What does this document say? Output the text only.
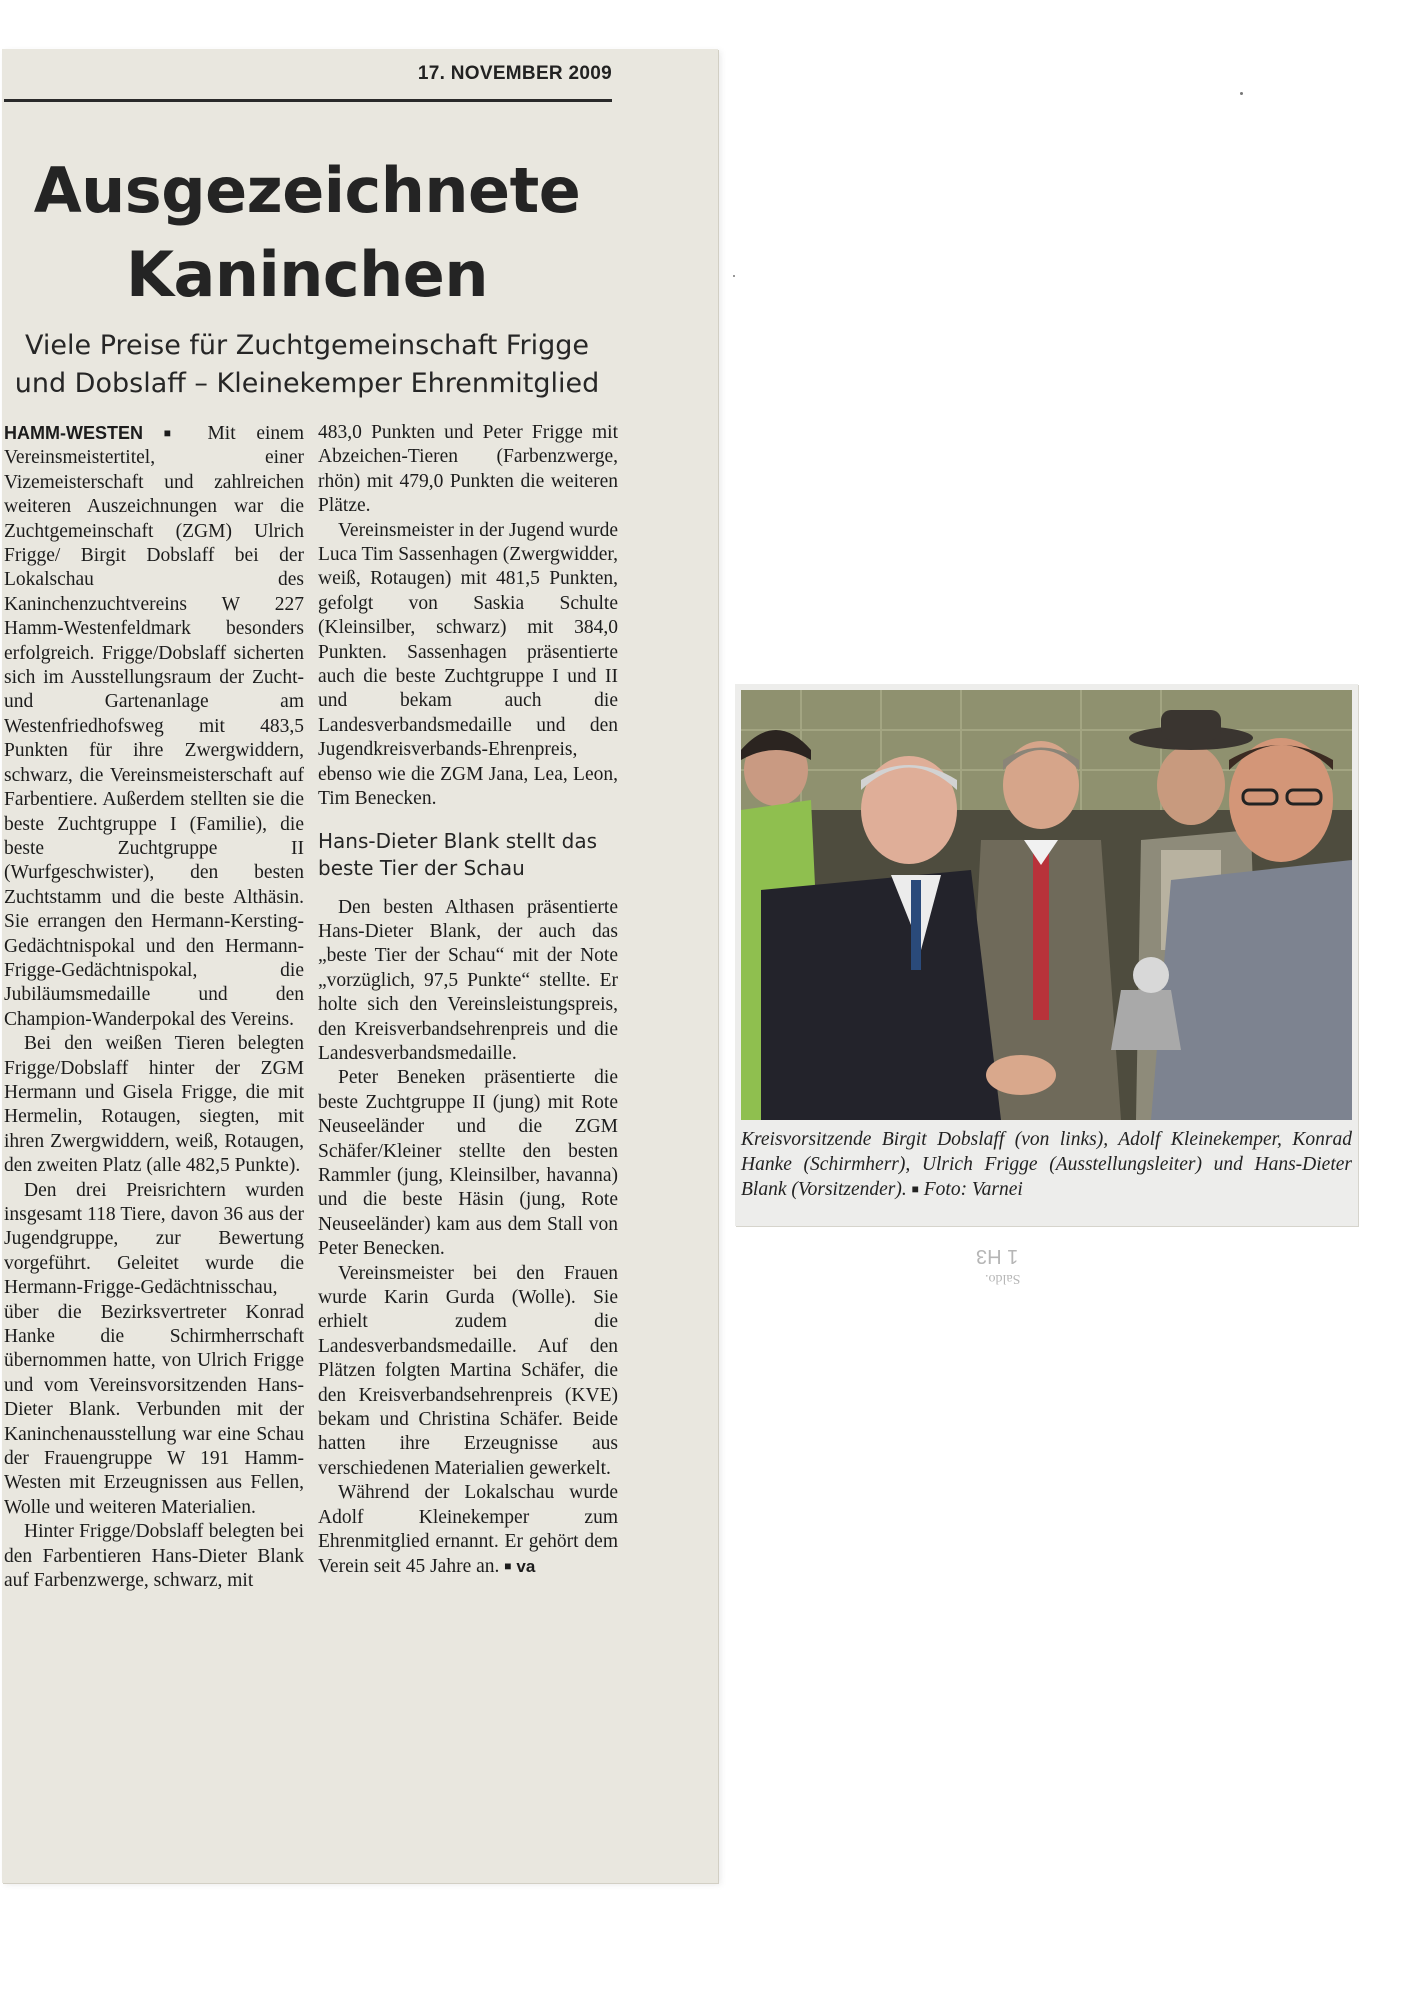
17. NOVEMBER 2009
Ausgezeichnete Kaninchen
Viele Preise für Zuchtgemeinschaft Frigge und Dobslaff – Kleinekemper Ehrenmitglied

HAMM-WESTEN ■ Mit einem Vereinsmeistertitel, einer Vizemeisterschaft und zahlreichen weiteren Auszeichnungen war die Zuchtgemeinschaft (ZGM) Ulrich Frigge/ Birgit Dobslaff bei der Lokalschau des Kaninchenzuchtvereins W 227 Hamm-Westenfeldmark besonders erfolgreich. Frigge/Dobslaff sicherten sich im Ausstellungsraum der Zucht- und Gartenanlage am Westenfriedhofsweg mit 483,5 Punkten für ihre Zwergwiddern, schwarz, die Vereinsmeisterschaft auf Farbentiere. Außerdem stellten sie die beste Zuchtgruppe I (Familie), die beste Zuchtgruppe II (Wurfgeschwister), den besten Zuchtstamm und die beste Althäsin. Sie errangen den Hermann-Kersting-Gedächtnispokal und den Hermann-Frigge-Gedächtnispokal, die Jubiläumsmedaille und den Champion-Wanderpokal des Vereins.

Bei den weißen Tieren belegten Frigge/Dobslaff hinter der ZGM Hermann und Gisela Frigge, die mit Hermelin, Rotaugen, siegten, mit ihren Zwergwiddern, weiß, Rotaugen, den zweiten Platz (alle 482,5 Punkte).

Den drei Preisrichtern wurden insgesamt 118 Tiere, davon 36 aus der Jugendgruppe, zur Bewertung vorgeführt. Geleitet wurde die Hermann-Frigge-Gedächtnisschau, über die Bezirksvertreter Konrad Hanke die Schirmherrschaft übernommen hatte, von Ulrich Frigge und vom Vereinsvorsitzenden Hans-Dieter Blank. Verbunden mit der Kaninchenausstellung war eine Schau der Frauengruppe W 191 Hamm-Westen mit Erzeugnissen aus Fellen, Wolle und weiteren Materialien.

Hinter Frigge/Dobslaff belegten bei den Farbentieren Hans-Dieter Blank auf Farbenzwerge, schwarz, mit

483,0 Punkten und Peter Frigge mit Abzeichen-Tieren (Farbenzwerge, rhön) mit 479,0 Punkten die weiteren Plätze.

Vereinsmeister in der Jugend wurde Luca Tim Sassenhagen (Zwergwidder, weiß, Rotaugen) mit 481,5 Punkten, gefolgt von Saskia Schulte (Kleinsilber, schwarz) mit 384,0 Punkten. Sassenhagen präsentierte auch die beste Zuchtgruppe I und II und bekam auch die Landesverbandsmedaille und den Jugendkreisverbands-Ehrenpreis, ebenso wie die ZGM Jana, Lea, Leon, Tim Benecken.

Hans-Dieter Blank stellt das beste Tier der Schau

Den besten Althasen präsentierte Hans-Dieter Blank, der auch das „beste Tier der Schau“ mit der Note „vorzüglich, 97,5 Punkte“ stellte. Er holte sich den Vereinsleistungspreis, den Kreisverbandsehrenpreis und die Landesverbandsmedaille.

Peter Beneken präsentierte die beste Zuchtgruppe II (jung) mit Rote Neuseeländer und die ZGM Schäfer/Kleiner stellte den besten Rammler (jung, Kleinsilber, havanna) und die beste Häsin (jung, Rote Neuseeländer) kam aus dem Stall von Peter Benecken.

Vereinsmeister bei den Frauen wurde Karin Gurda (Wolle). Sie erhielt zudem die Landesverbandsmedaille. Auf den Plätzen folgten Martina Schäfer, die den Kreisverbandsehrenpreis (KVE) bekam und Christina Schäfer. Beide hatten ihre Erzeugnisse aus verschiedenen Materialien gewerkelt.

Während der Lokalschau wurde Adolf Kleinekemper zum Ehrenmitglied ernannt. Er gehört dem Verein seit 45 Jahre an. ■ va

Kreisvorsitzende Birgit Dobslaff (von links), Adolf Kleinekemper, Konrad Hanke (Schirmherr), Ulrich Frigge (Ausstellungsleiter) und Hans-Dieter Blank (Vorsitzender). ■ Foto: Varnei
1 H3
Saldo.
